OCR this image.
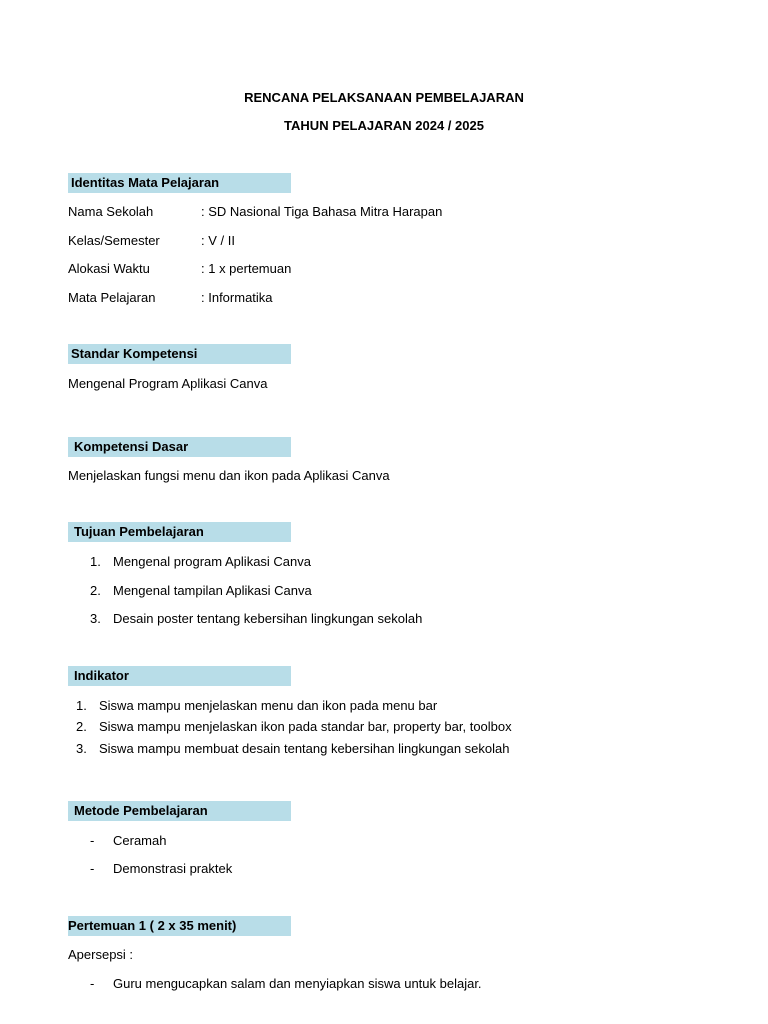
RENCANA PELAKSANAAN PEMBELAJARAN
TAHUN PELAJARAN 2024 / 2025
Identitas Mata Pelajaran
Nama Sekolah	: SD Nasional Tiga Bahasa Mitra Harapan
Kelas/Semester	: V / II
Alokasi Waktu	: 1 x pertemuan
Mata Pelajaran	: Informatika
Standar Kompetensi
Mengenal Program Aplikasi Canva
Kompetensi Dasar
Menjelaskan fungsi menu dan ikon pada Aplikasi Canva
Tujuan Pembelajaran
1. Mengenal program Aplikasi Canva
2. Mengenal tampilan Aplikasi Canva
3. Desain poster tentang kebersihan lingkungan sekolah
Indikator
1. Siswa mampu menjelaskan menu dan ikon pada menu bar
2. Siswa mampu menjelaskan ikon pada standar bar, property bar, toolbox
3. Siswa mampu membuat desain tentang kebersihan lingkungan sekolah
Metode Pembelajaran
- Ceramah
- Demonstrasi praktek
Pertemuan 1 ( 2 x 35 menit)
Apersepsi :
- Guru mengucapkan salam dan menyiapkan siswa untuk belajar.
